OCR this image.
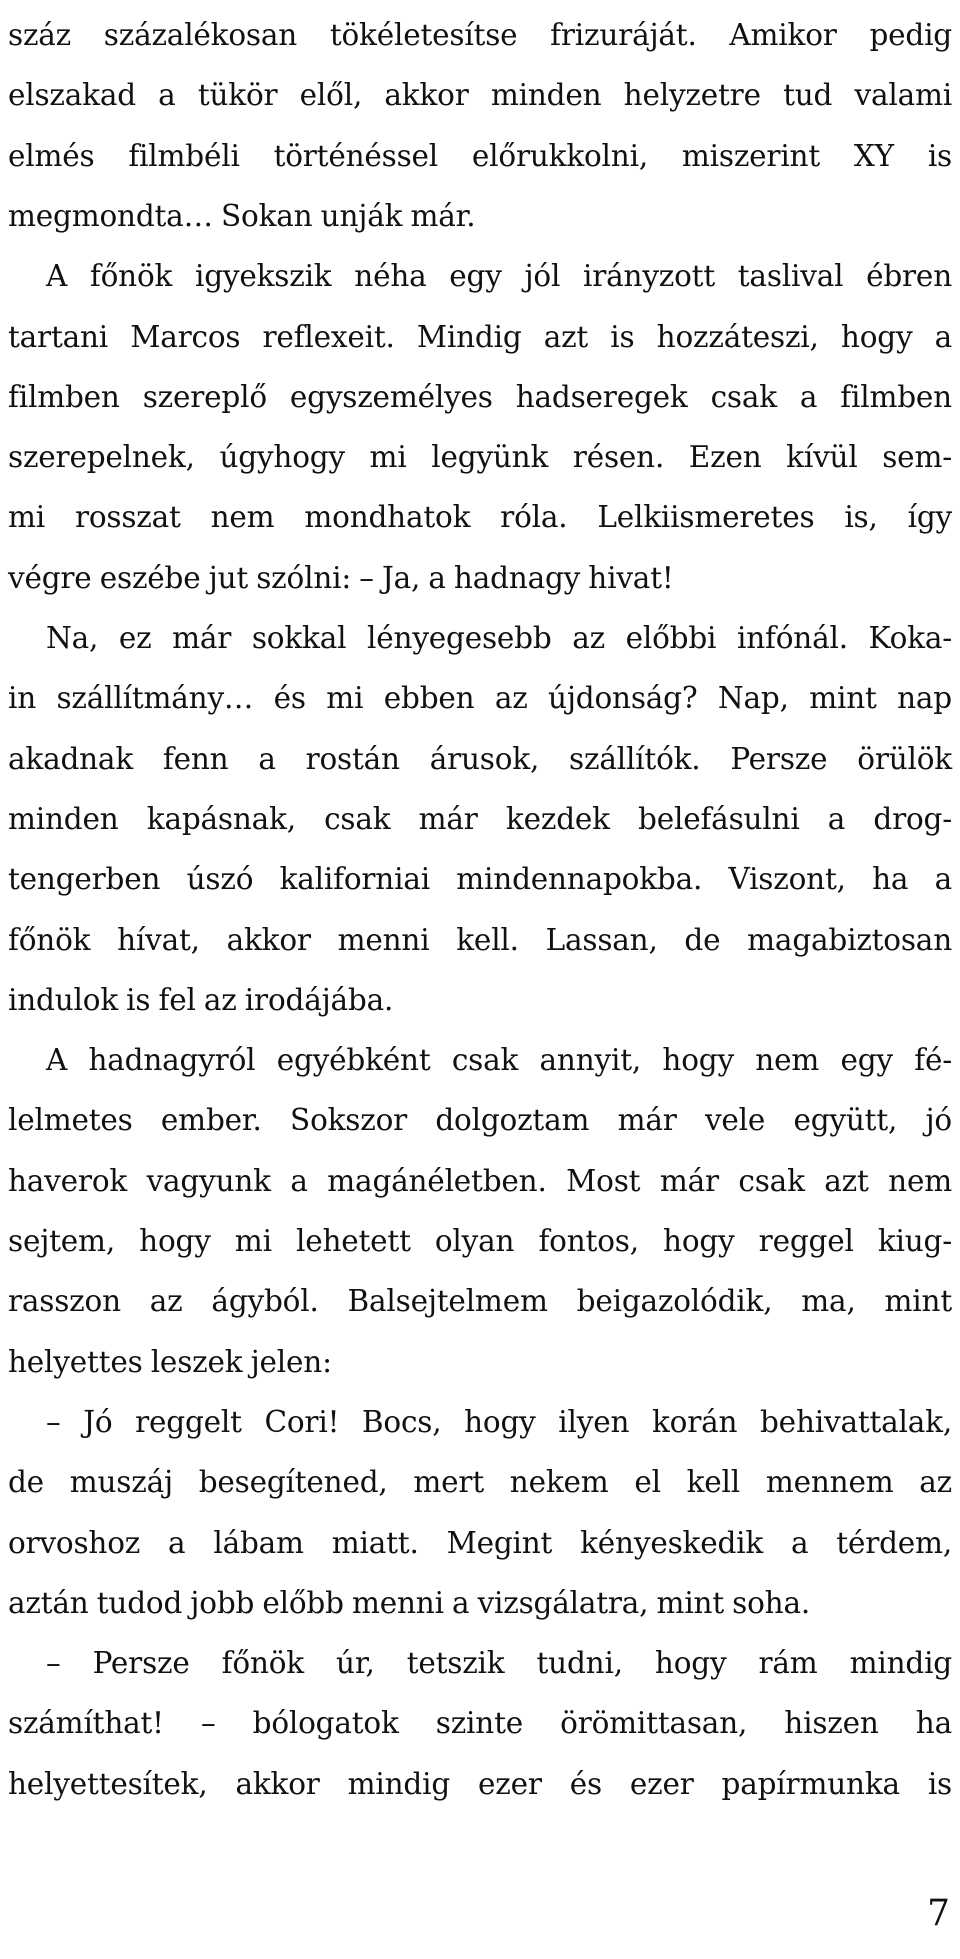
száz százalékosan tökéletesítse frizuráját. Amikor pedig
elszakad a tükör elől, akkor minden helyzetre tud valami
elmés filmbéli történéssel előrukkolni, miszerint XY is
megmondta… Sokan unják már.
A főnök igyekszik néha egy jól irányzott taslival ébren
tartani Marcos reflexeit. Mindig azt is hozzáteszi, hogy a
filmben szereplő egyszemélyes hadseregek csak a filmben
szerepelnek, úgyhogy mi legyünk résen. Ezen kívül sem-
mi rosszat nem mondhatok róla. Lelkiismeretes is, így
végre eszébe jut szólni: – Ja, a hadnagy hivat!
Na, ez már sokkal lényegesebb az előbbi infónál. Koka-
in szállítmány… és mi ebben az újdonság? Nap, mint nap
akadnak fenn a rostán árusok, szállítók. Persze örülök
minden kapásnak, csak már kezdek belefásulni a drog-
tengerben úszó kaliforniai mindennapokba. Viszont, ha a
főnök hívat, akkor menni kell. Lassan, de magabiztosan
indulok is fel az irodájába.
A hadnagyról egyébként csak annyit, hogy nem egy fé-
lelmetes ember. Sokszor dolgoztam már vele együtt, jó
haverok vagyunk a magánéletben. Most már csak azt nem
sejtem, hogy mi lehetett olyan fontos, hogy reggel kiug-
rasszon az ágyból. Balsejtelmem beigazolódik, ma, mint
helyettes leszek jelen:
– Jó reggelt Cori! Bocs, hogy ilyen korán behivattalak,
de muszáj besegítened, mert nekem el kell mennem az
orvoshoz a lábam miatt. Megint kényeskedik a térdem,
aztán tudod jobb előbb menni a vizsgálatra, mint soha.
– Persze főnök úr, tetszik tudni, hogy rám mindig
számíthat! – bólogatok szinte örömittasan, hiszen ha
helyettesítek, akkor mindig ezer és ezer papírmunka is
7
